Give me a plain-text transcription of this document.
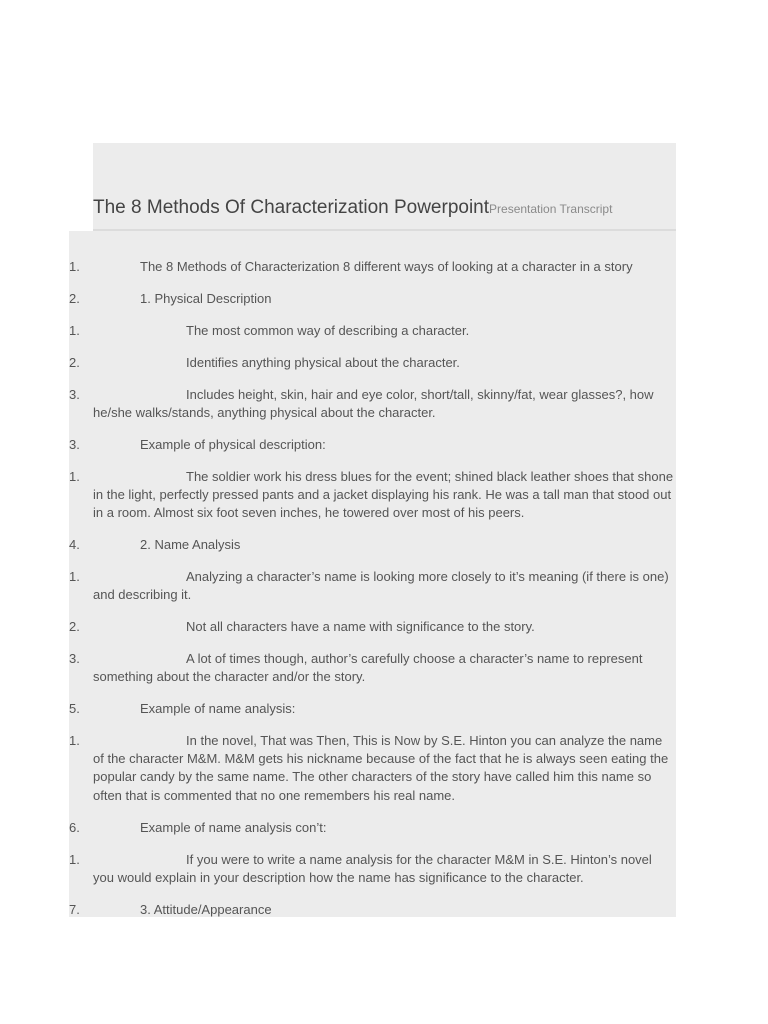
The 8 Methods Of Characterization PowerpointPresentation Transcript
1.	The 8 Methods of Characterization 8 different ways of looking at a character in a story
2.	1. Physical Description
1.	The most common way of describing a character.
2.	Identifies anything physical about the character.
3.	Includes height, skin, hair and eye color, short/tall, skinny/fat, wear glasses?, how he/she walks/stands, anything physical about the character.
3.	Example of physical description:
1.	The soldier work his dress blues for the event; shined black leather shoes that shone in the light, perfectly pressed pants and a jacket displaying his rank. He was a tall man that stood out in a room. Almost six foot seven inches, he towered over most of his peers.
4.	2. Name Analysis
1.	Analyzing a character’s name is looking more closely to it’s meaning (if there is one) and describing it.
2.	Not all characters have a name with significance to the story.
3.	A lot of times though, author’s carefully choose a character’s name to represent something about the character and/or the story.
5.	Example of name analysis:
1.	In the novel, That was Then, This is Now by S.E. Hinton you can analyze the name of the character M&M. M&M gets his nickname because of the fact that he is always seen eating the popular candy by the same name. The other characters of the story have called him this name so often that is commented that no one remembers his real name.
6.	Example of name analysis con’t:
1.	If you were to write a name analysis for the character M&M in S.E. Hinton’s novel you would explain in your description how the name has significance to the character.
7.	3. Attitude/Appearance
